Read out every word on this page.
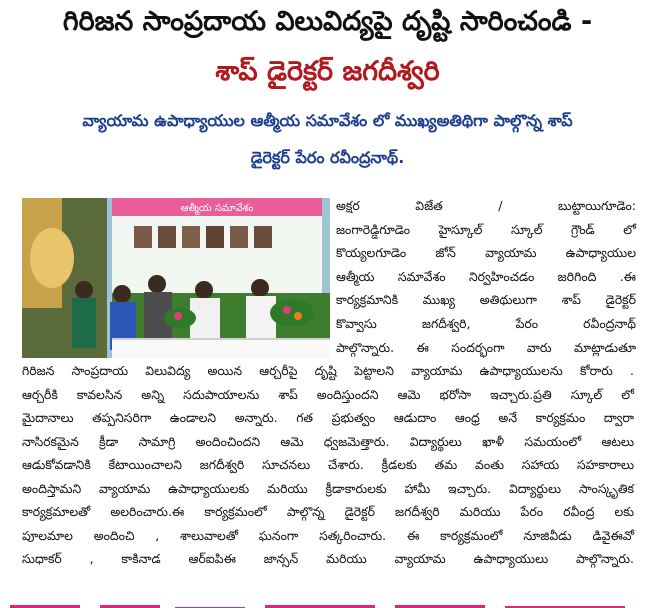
గిరిజన సాంప్రదాయ విలువిద్యపై దృష్టి సారించండి -
శాప్ డైరెక్టర్ జగదీశ్వరి
వ్యాయామ ఉపాధ్యాయుల ఆత్మీయ సమావేశం లో ముఖ్యఅతిథిగా పాల్గొన్న శాప్
డైరెక్టర్ పేరం రవీంద్రనాథ్.
ఆత్మీయ సమావేశం	అక్షర విజేత / బుట్టాయిగూడెం:
జంగారెడ్డిగూడెం హైస్కూల్ స్కూల్ గ్రౌండ్ లో
కొయ్యలగూడెం జోన్ వ్యాయామ ఉపాధ్యాయుల
ఆత్మీయ సమావేశం నిర్వహించడం జరిగింది .ఈ
కార్యక్రమానికి ముఖ్య అతిథులుగా శాప్ డైరెక్టర్
కొవ్వాసు జగదీశ్వరి, పేరం రవీంద్రనాథ్
పాల్గొన్నారు. ఈ సందర్భంగా వారు మాట్లాడుతూ
గిరిజన సాంప్రదాయ విలువిద్య అయిన ఆర్చరీపై దృష్టి పెట్టాలని వ్యాయామ ఉపాధ్యాయులను కోరారు .
ఆర్చరీకి కావలసిన అన్ని సదుపాయాలను శాప్ అందిస్తుందని ఆమె భరోసా ఇచ్చారు.ప్రతి స్కూల్ లో
మైదానాలు తప్పనిసరిగా ఉండాలని అన్నారు. గత ప్రభుత్వం ఆడుదాం ఆంధ్ర అనే కార్యక్రమం ద్వారా
నాసిరకమైన క్రీడా సామాగ్రి అందించిందని ఆమె ధ్వజమెత్తారు. విద్యార్థులు ఖాళీ సమయంలో ఆటలు
ఆడుకోవడానికి కేటాయించాలని జగదీశ్వరి సూచనలు చేశారు. క్రీడలకు తమ వంతు సహాయ సహకారాలు
అందిస్తామని వ్యాయామ ఉపాధ్యాయులకు మరియు క్రీడాకారులకు హామీ ఇచ్చారు. విద్యార్థులు సాంస్కృతిక
కార్యక్రమాలతో అలరించారు.ఈ కార్యక్రమంలో పాల్గొన్న డైరెక్టర్ జగదీశ్వరి మరియు పేరం రవీంద్ర లకు
పూలమాల అందించి , శాలువాలతో ఘనంగా సత్కరించారు. ఈ కార్యక్రమంలో నూజివీడు డివైఈవో
సుధాకర్ , కాకినాడ ఆర్ఐపిఈ జాన్సన్ మరియు వ్యాయామ ఉపాధ్యాయులు పాల్గొన్నారు.
